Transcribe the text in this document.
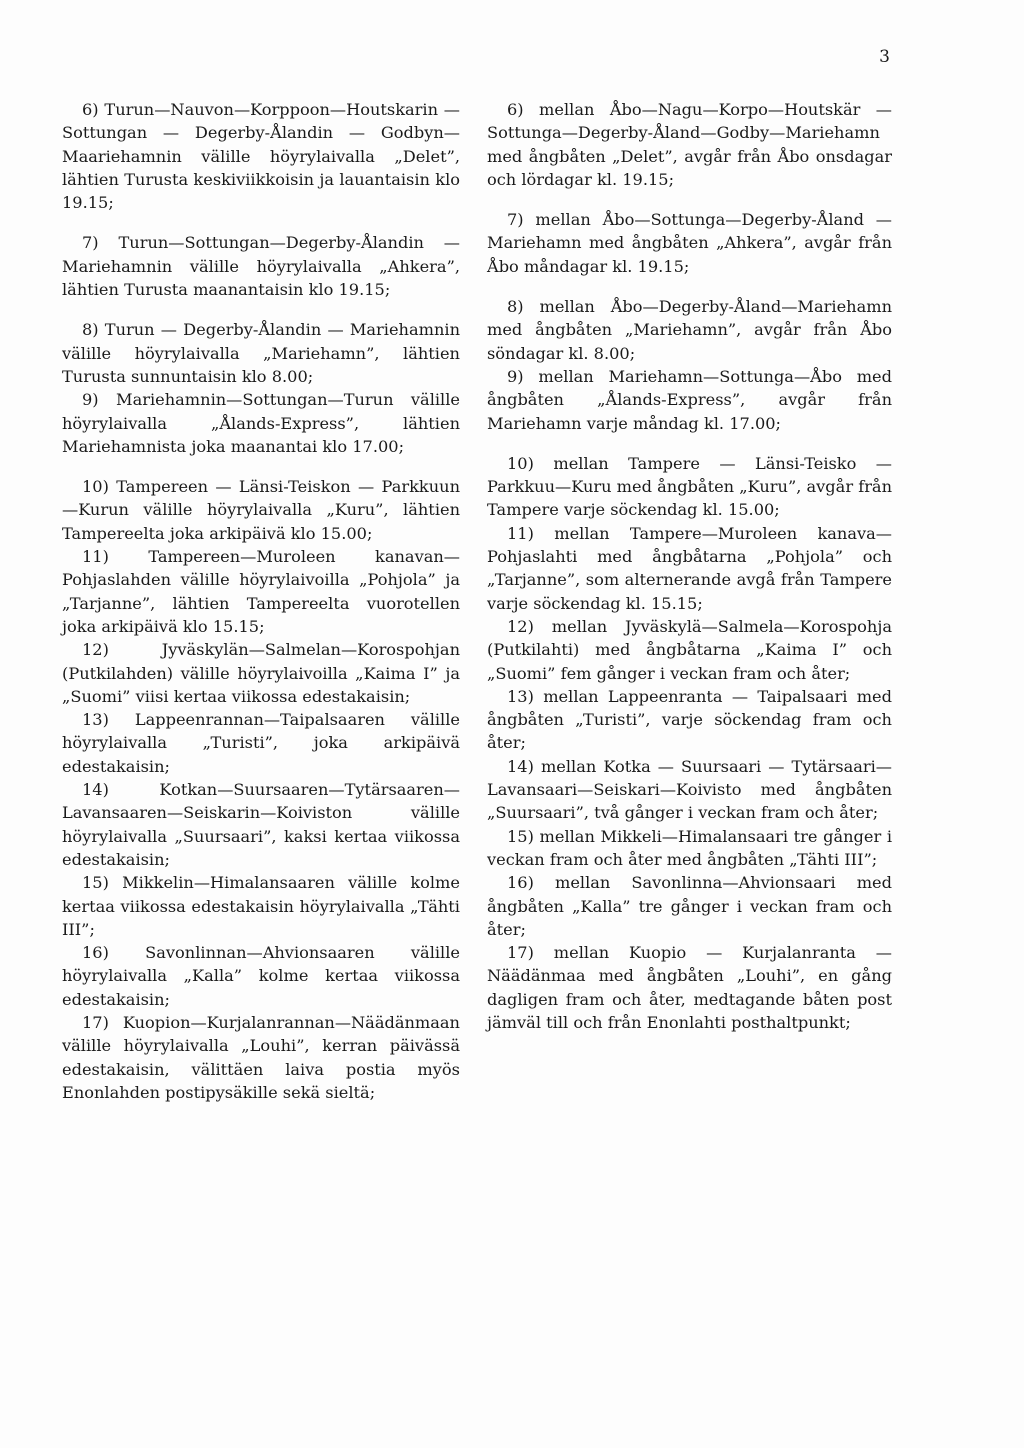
3

6) Turun—Nauvon—Korppoon—Houtskarin — Sottungan — Degerby-Ålandin — Godbyn—Maariehamnin välille höyrylaivalla „Delet”, lähtien Turusta keskiviikkoisin ja lauantaisin klo 19.15;

7) Turun—Sottungan—Degerby-Ålandin —Mariehamnin välille höyrylaivalla „Ahkera”, lähtien Turusta maanantaisin klo 19.15;

8) Turun — Degerby-Ålandin — Mariehamnin välille höyrylaivalla „Mariehamn”, lähtien Turusta sunnuntaisin klo 8.00;

9) Mariehamnin—Sottungan—Turun välille höyrylaivalla „Ålands-Express”, lähtien Mariehamnista joka maanantai klo 17.00;

10) Tampereen — Länsi-Teiskon — Parkkuun—Kurun välille höyrylaivalla „Kuru”, lähtien Tampereelta joka arkipäivä klo 15.00;

11) Tampereen—Muroleen kanavan—Pohjaslahden välille höyrylaivoilla „Pohjola” ja „Tarjanne”, lähtien Tampereelta vuorotellen joka arkipäivä klo 15.15;

12) Jyväskylän—Salmelan—Korospohjan (Putkilahden) välille höyrylaivoilla „Kaima I” ja „Suomi” viisi kertaa viikossa edestakaisin;

13) Lappeenrannan—Taipalsaaren välille höyrylaivalla „Turisti”, joka arkipäivä edestakaisin;

14) Kotkan—Suursaaren—Tytärsaaren—Lavansaaren—Seiskarin—Koiviston välille höyrylaivalla „Suursaari”, kaksi kertaa viikossa edestakaisin;

15) Mikkelin—Himalansaaren välille kolme kertaa viikossa edestakaisin höyrylaivalla „Tähti III”;

16) Savonlinnan—Ahvionsaaren välille höyrylaivalla „Kalla” kolme kertaa viikossa edestakaisin;

17) Kuopion—Kurjalanrannan—Näädänmaan välille höyrylaivalla „Louhi”, kerran päivässä edestakaisin, välittäen laiva postia myös Enonlahden postipysäkille sekä sieltä;

6) mellan Åbo—Nagu—Korpo—Houtskär — Sottunga—Degerby-Åland—Godby—Mariehamn med ångbåten „Delet”, avgår från Åbo onsdagar och lördagar kl. 19.15;

7) mellan Åbo—Sottunga—Degerby-Åland —Mariehamn med ångbåten „Ahkera”, avgår från Åbo måndagar kl. 19.15;

8) mellan Åbo—Degerby-Åland—Mariehamn med ångbåten „Mariehamn”, avgår från Åbo söndagar kl. 8.00;

9) mellan Mariehamn—Sottunga—Åbo med ångbåten „Ålands-Express”, avgår från Mariehamn varje måndag kl. 17.00;

10) mellan Tampere — Länsi-Teisko — Parkkuu—Kuru med ångbåten „Kuru”, avgår från Tampere varje söckendag kl. 15.00;

11) mellan Tampere—Muroleen kanava—Pohjaslahti med ångbåtarna „Pohjola” och „Tarjanne”, som alternerande avgå från Tampere varje söckendag kl. 15.15;

12) mellan Jyväskylä—Salmela—Korospohja (Putkilahti) med ångbåtarna „Kaima I” och „Suomi” fem gånger i veckan fram och åter;

13) mellan Lappeenranta — Taipalsaari med ångbåten „Turisti”, varje söckendag fram och åter;

14) mellan Kotka — Suursaari — Tytärsaari—Lavansaari—Seiskari—Koivisto med ångbåten „Suursaari”, två gånger i veckan fram och åter;

15) mellan Mikkeli—Himalansaari tre gånger i veckan fram och åter med ångbåten „Tähti III”;

16) mellan Savonlinna—Ahvionsaari med ångbåten „Kalla” tre gånger i veckan fram och åter;

17) mellan Kuopio — Kurjalanranta — Näädänmaa med ångbåten „Louhi”, en gång dagligen fram och åter, medtagande båten post jämväl till och från Enonlahti posthaltpunkt;
